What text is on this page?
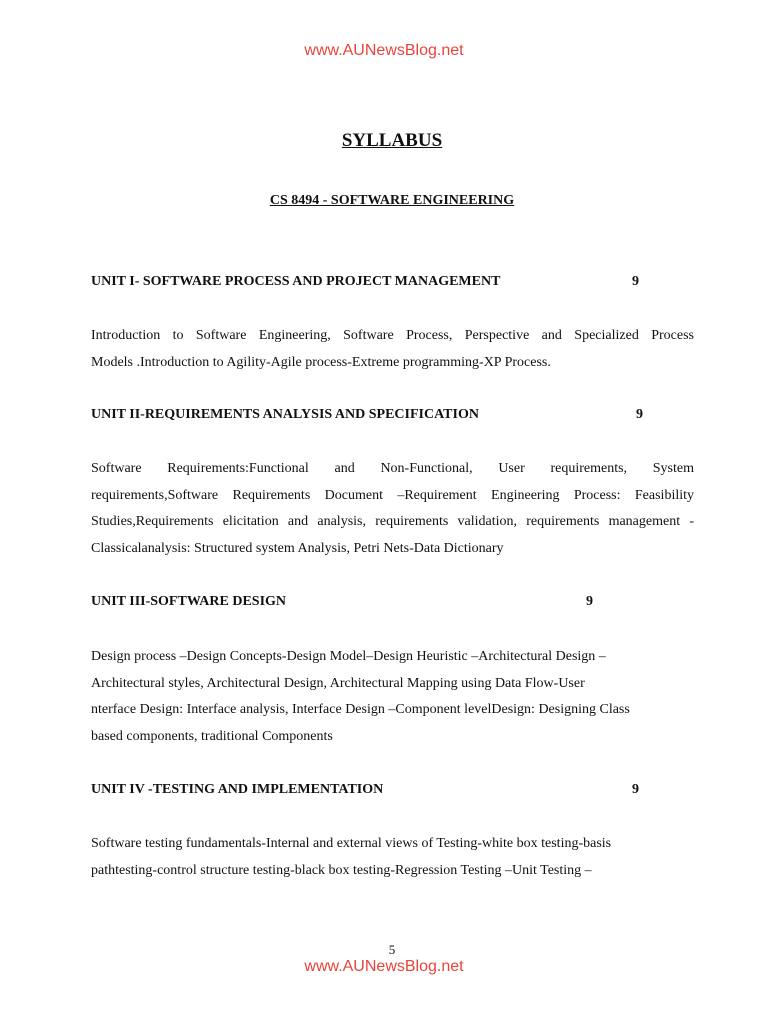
www.AUNewsBlog.net
SYLLABUS
CS 8494 - SOFTWARE ENGINEERING
UNIT I- SOFTWARE PROCESS AND PROJECT MANAGEMENT	9
Introduction to Software Engineering, Software Process, Perspective and Specialized Process
Models .Introduction to Agility-Agile process-Extreme programming-XP Process.
UNIT II-REQUIREMENTS ANALYSIS AND SPECIFICATION	9
Software Requirements:Functional and Non-Functional, User requirements, System
requirements,Software Requirements Document –Requirement Engineering Process: Feasibility
Studies,Requirements elicitation and analysis, requirements validation, requirements management -
Classicalanalysis: Structured system Analysis, Petri Nets-Data Dictionary
UNIT III-SOFTWARE DESIGN	9
Design process –Design Concepts-Design Model–Design Heuristic –Architectural Design –
Architectural styles, Architectural Design, Architectural Mapping using Data Flow-User
nterface Design: Interface analysis, Interface Design –Component levelDesign: Designing Class
based components, traditional Components
UNIT IV -TESTING AND IMPLEMENTATION	9
Software testing fundamentals-Internal and external views of Testing-white box testing-basis
pathtesting-control structure testing-black box testing-Regression Testing –Unit Testing –
5
www.AUNewsBlog.net
